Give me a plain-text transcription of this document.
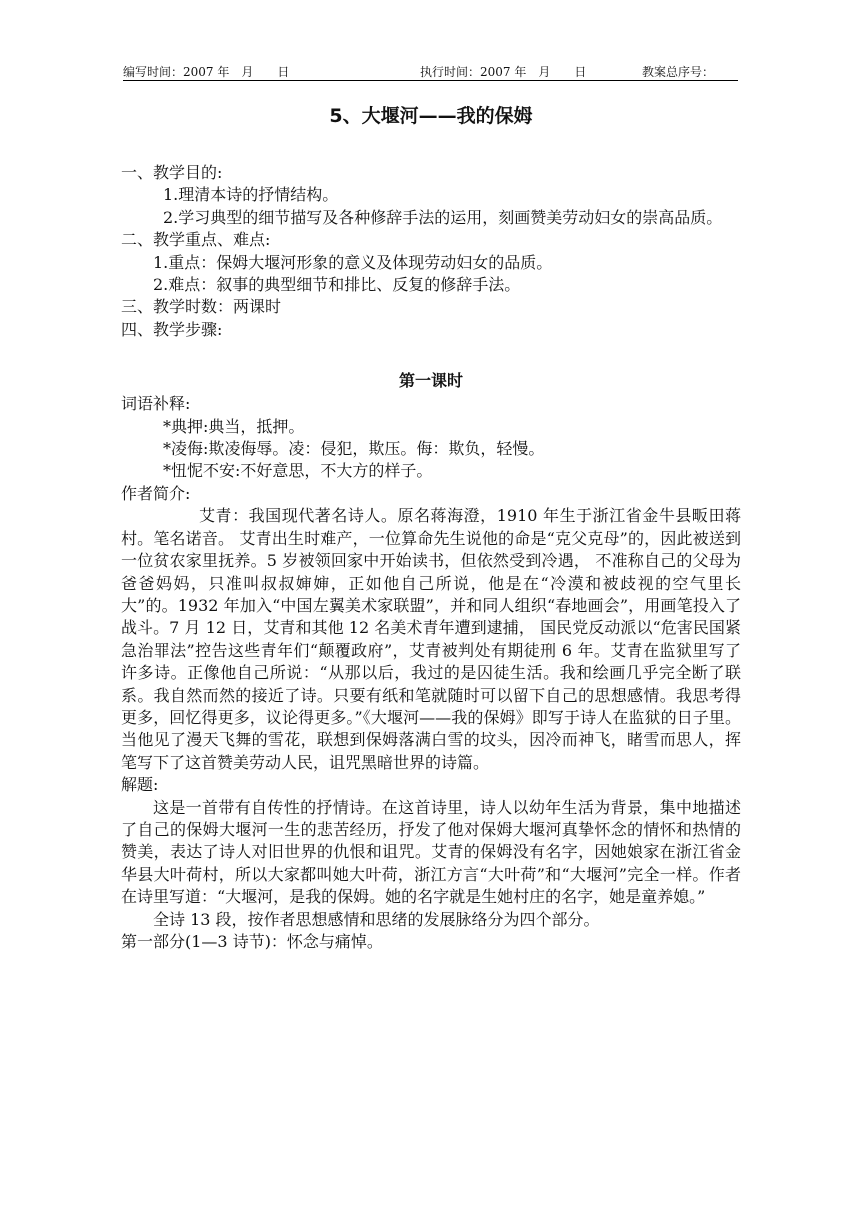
编写时间：2007 年　月　　日	执行时间：2007 年　月　　日	教案总序号：
5、大堰河——我的保姆

一、教学目的:

1.理清本诗的抒情结构。

2.学习典型的细节描写及各种修辞手法的运用，刻画赞美劳动妇女的崇高品质。

二、教学重点、难点:

1.重点：保姆大堰河形象的意义及体现劳动妇女的品质。

2.难点：叙事的典型细节和排比、反复的修辞手法。

三、教学时数：两课时

四、教学步骤:

第一课时

词语补释:

*典押:典当，抵押。

*凌侮:欺凌侮辱。凌：侵犯，欺压。侮：欺负，轻慢。

*忸怩不安:不好意思，不大方的样子。

作者简介:

艾青：我国现代著名诗人。原名蒋海澄，1910 年生于浙江省金牛县畈田蒋村。笔名诺音。 艾青出生时难产，一位算命先生说他的命是“克父克母”的，因此被送到一位贫农家里抚养。5 岁被领回家中开始读书，但依然受到冷遇， 不准称自己的父母为爸爸妈妈，只准叫叔叔婶婶，正如他自己所说，他是在“冷漠和被歧视的空气里长大”的。1932 年加入“中国左翼美术家联盟”，并和同人组织“春地画会”，用画笔投入了战斗。7 月 12 日，艾青和其他 12 名美术青年遭到逮捕， 国民党反动派以“危害民国紧急治罪法”控告这些青年们“颠覆政府”，艾青被判处有期徒刑 6 年。艾青在监狱里写了许多诗。正像他自己所说：“从那以后，我过的是囚徒生活。我和绘画几乎完全断了联系。我自然而然的接近了诗。只要有纸和笔就随时可以留下自己的思想感情。我思考得更多，回忆得更多，议论得更多。”《大堰河——我的保姆》即写于诗人在监狱的日子里。当他见了漫天飞舞的雪花，联想到保姆落满白雪的坟头，因冷而神飞，睹雪而思人，挥笔写下了这首赞美劳动人民，诅咒黑暗世界的诗篇。

解题:

这是一首带有自传性的抒情诗。在这首诗里，诗人以幼年生活为背景，集中地描述了自己的保姆大堰河一生的悲苦经历，抒发了他对保姆大堰河真挚怀念的情怀和热情的赞美，表达了诗人对旧世界的仇恨和诅咒。艾青的保姆没有名字，因她娘家在浙江省金华县大叶荷村，所以大家都叫她大叶荷，浙江方言“大叶荷”和“大堰河”完全一样。作者在诗里写道：“大堰河，是我的保姆。她的名字就是生她村庄的名字，她是童养媳。”

全诗 13 段，按作者思想感情和思绪的发展脉络分为四个部分。

第一部分(1—3 诗节)：怀念与痛悼。
